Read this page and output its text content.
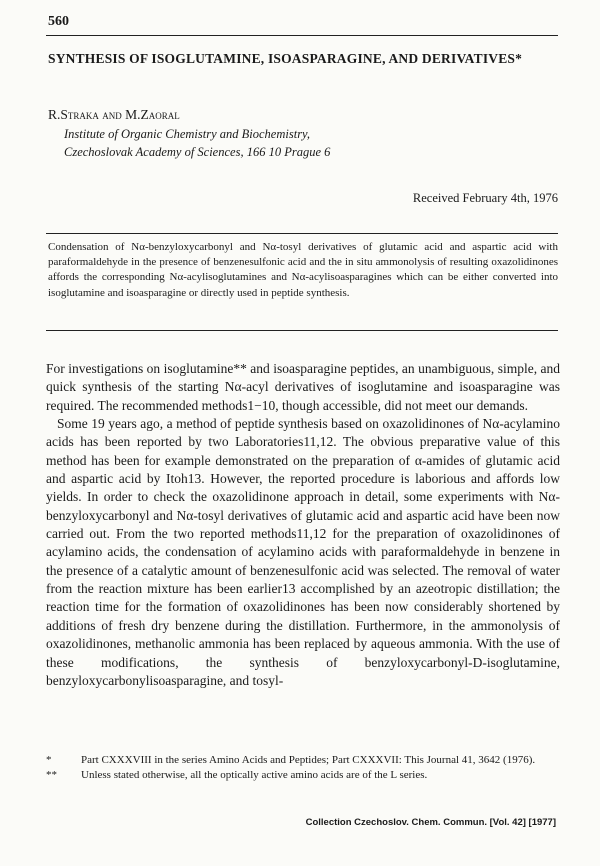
560
SYNTHESIS OF ISOGLUTAMINE, ISOASPARAGINE, AND DERIVATIVES*
R.Straka and M.Zaoral
Institute of Organic Chemistry and Biochemistry,
Czechoslovak Academy of Sciences, 166 10 Prague 6
Received February 4th, 1976
Condensation of Nα-benzyloxycarbonyl and Nα-tosyl derivatives of glutamic acid and aspartic acid with paraformaldehyde in the presence of benzenesulfonic acid and the in situ ammonolysis of resulting oxazolidinones affords the corresponding Nα-acylisoglutamines and Nα-acylisoasparagines which can be either converted into isoglutamine and isoasparagine or directly used in peptide synthesis.

For investigations on isoglutamine** and isoasparagine peptides, an unambiguous, simple, and quick synthesis of the starting Nα-acyl derivatives of isoglutamine and isoasparagine was required. The recommended methods1−10, though accessible, did not meet our demands.

Some 19 years ago, a method of peptide synthesis based on oxazolidinones of Nα-acylamino acids has been reported by two Laboratories11,12. The obvious preparative value of this method has been for example demonstrated on the preparation of α-amides of glutamic acid and aspartic acid by Itoh13. However, the reported procedure is laborious and affords low yields. In order to check the oxazolidinone approach in detail, some experiments with Nα-benzyloxycarbonyl and Nα-tosyl derivatives of glutamic acid and aspartic acid have been now carried out. From the two reported methods11,12 for the preparation of oxazolidinones of acylamino acids, the condensation of acylamino acids with paraformaldehyde in benzene in the presence of a catalytic amount of benzenesulfonic acid was selected. The removal of water from the reaction mixture has been earlier13 accomplished by an azeotropic distillation; the reaction time for the formation of oxazolidinones has been now considerably shortened by additions of fresh dry benzene during the distillation. Furthermore, in the ammonolysis of oxazolidinones, methanolic ammonia has been replaced by aqueous ammonia. With the use of these modifications, the synthesis of benzyloxycarbonyl-D-isoglutamine, benzyloxycarbonylisoasparagine, and tosyl-

*	Part CXXXVIII in the series Amino Acids and Peptides; Part CXXXVII: This Journal 41, 3642 (1976).
** Unless stated otherwise, all the optically active amino acids are of the L series.
Collection Czechoslov. Chem. Commun. [Vol. 42] [1977]
